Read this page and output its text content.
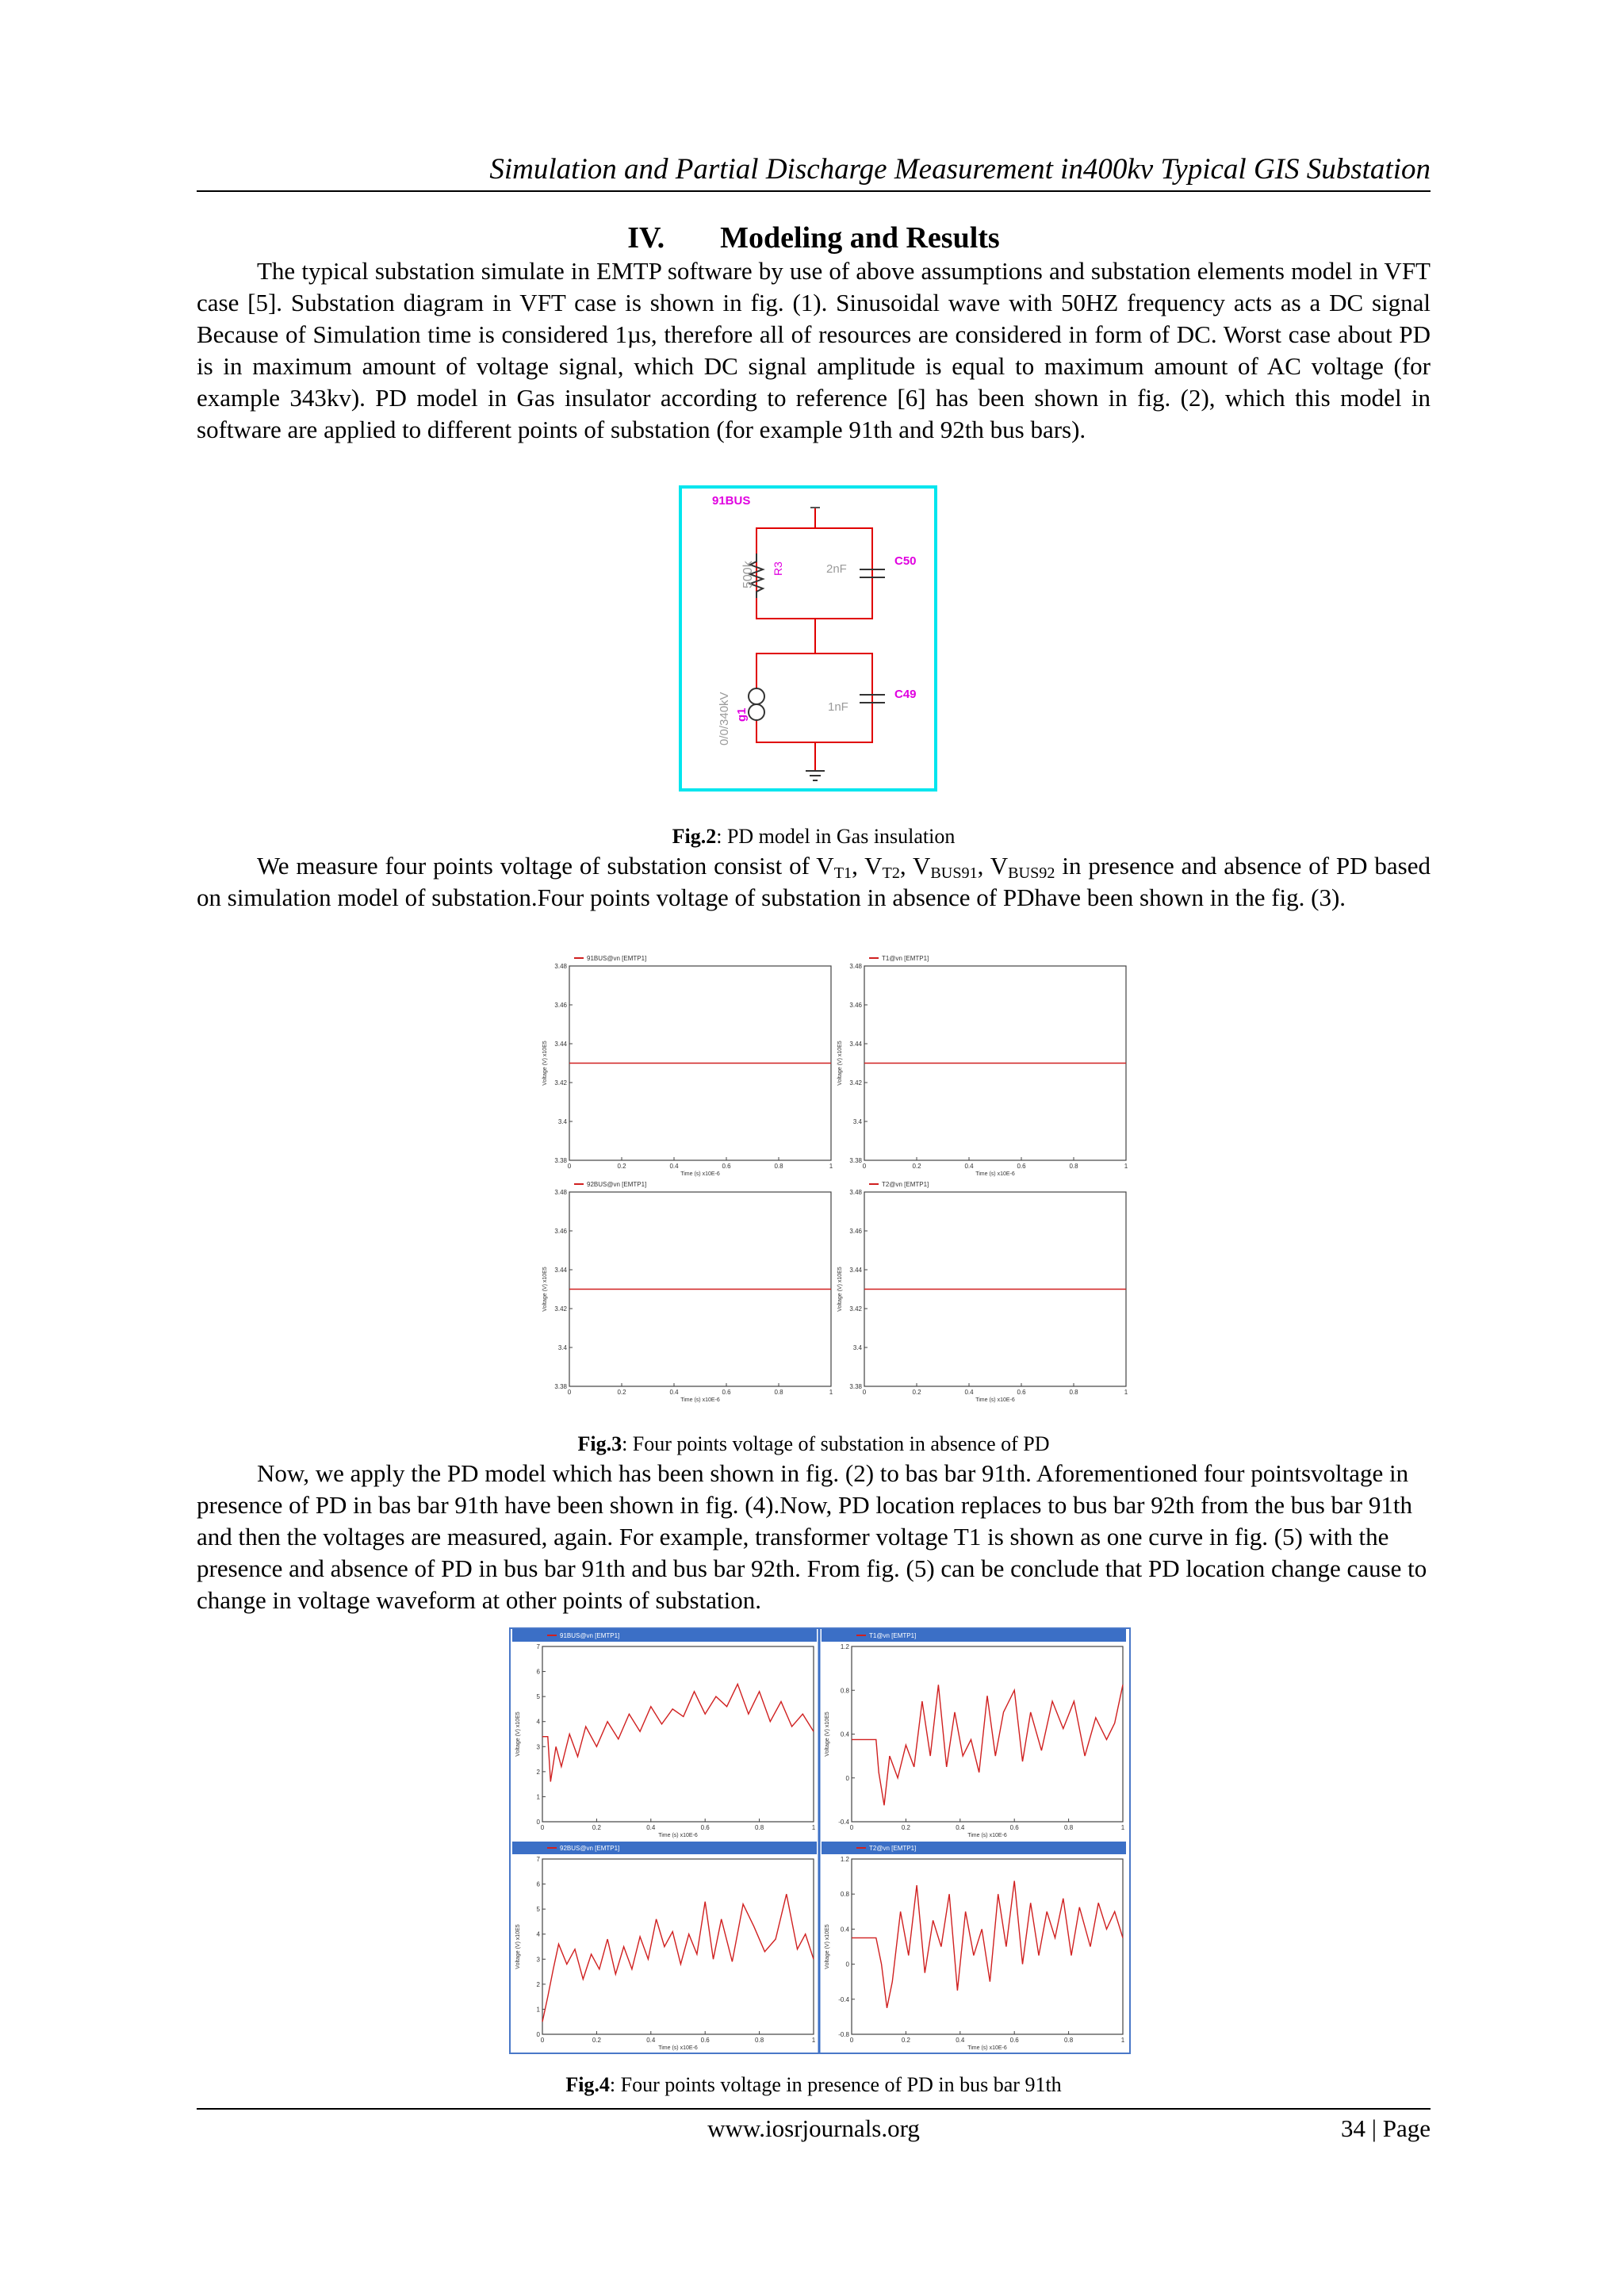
Simulation and Partial Discharge Measurement in400kv Typical GIS Substation
IV. Modeling and Results

The typical substation simulate in EMTP software by use of above assumptions and substation elements model in VFT case [5]. Substation diagram in VFT case is shown in fig. (1). Sinusoidal wave with 50HZ frequency acts as a DC signal Because of Simulation time is considered 1µs, therefore all of resources are considered in form of DC. Worst case about PD is in maximum amount of voltage signal, which DC signal amplitude is equal to maximum amount of AC voltage (for example 343kv). PD model in Gas insulator according to reference [6] has been shown in fig. (2), which this model in software are applied to different points of substation (for example 91th and 92th bus bars).

91BUS
500k R3	2nF
C50
1nF
C49
g1
0/0/340kV
Fig.2: PD model in Gas insulation

We measure four points voltage of substation consist of $V_{T1}$, $V_{T2}$, $V_{BUS91}$, $V_{BUS92}$ in presence and absence of PD based on simulation model of substation.Four points voltage of substation in absence of PDhave been shown in the fig. (3).

91BUS@vn [EMTP1]
3.48
3.46
3.44
3.42
3.4
3.38
0	0.2	0.4	0.6	0.8	1
Time (s) x10E-6
Voltage (V) x10E5
T1@vn [EMTP1]
3.48
3.46
3.44
3.42
3.4
3.38
0	0.2	0.4	0.6	0.8	1
Time (s) x10E-6
Voltage (V) x10E5
92BUS@vn [EMTP1]
3.48
3.46
3.44
3.42
3.4
3.38
0	0.2	0.4	0.6	0.8	1
Time (s) x10E-6
Voltage (V) x10E5
T2@vn [EMTP1]
3.48
3.46
3.44
3.42
3.4
3.38
0	0.2	0.4	0.6	0.8	1
Time (s) x10E-6
Voltage (V) x10E5
Fig.3: Four points voltage of substation in absence of PD

Now, we apply the PD model which has been shown in fig. (2) to bas bar 91th. Aforementioned four pointsvoltage in presence of PD in bas bar 91th have been shown in fig. (4).Now, PD location replaces to bus bar 92th from the bus bar 91th and then the voltages are measured, again. For example, transformer voltage T1 is shown as one curve in fig. (5) with the presence and absence of PD in bus bar 91th and bus bar 92th. From fig. (5) can be conclude that PD location change cause to change in voltage waveform at other points of substation.

91BUS@vn [EMTP1]
7
6
5
4
3
2
1
0
0	0.2	0.4	0.6	0.8	1
Time (s) x10E-6
Voltage (V) x10E5
T1@vn [EMTP1]
1.2
0.8
0.4
0
-0.4
0	0.2	0.4	0.6	0.8	1
Time (s) x10E-6
Voltage (V) x10E5
92BUS@vn [EMTP1]
7
6
5
4
3
2
1
0
0	0.2	0.4	0.6	0.8	1
Time (s) x10E-6
Voltage (V) x10E5
T2@vn [EMTP1]
1.2
0.8
0.4
0
-0.4
-0.8
0	0.2	0.4	0.6	0.8	1
Time (s) x10E-6
Voltage (V) x10E5
Fig.4: Four points voltage in presence of PD in bus bar 91th
www.iosrjournals.org	34 | Page
